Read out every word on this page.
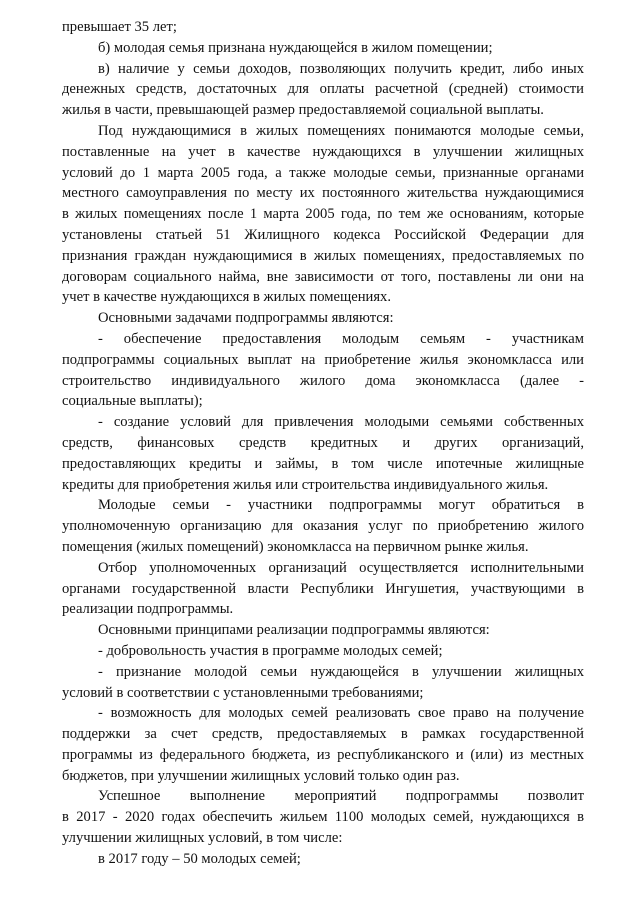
превышает 35 лет;
б) молодая семья признана нуждающейся в жилом помещении;
в) наличие у семьи доходов, позволяющих получить кредит, либо иных
денежных средств, достаточных для оплаты расчетной (средней) стоимости
жилья в части, превышающей размер предоставляемой социальной выплаты.
Под нуждающимися в жилых помещениях понимаются молодые семьи,
поставленные на учет в качестве нуждающихся в улучшении жилищных
условий до 1 марта 2005 года, а также молодые семьи, признанные органами
местного самоуправления по месту их постоянного жительства нуждающимися
в жилых помещениях после 1 марта 2005 года, по тем же основаниям, которые
установлены статьей 51 Жилищного кодекса Российской Федерации для
признания граждан нуждающимися в жилых помещениях, предоставляемых по
договорам социального найма, вне зависимости от того, поставлены ли они на
учет в качестве нуждающихся в жилых помещениях.
Основными задачами подпрограммы являются:
- обеспечение предоставления молодым семьям - участникам
подпрограммы социальных выплат на приобретение жилья экономкласса или
строительство индивидуального жилого дома экономкласса (далее -
социальные выплаты);
- создание условий для привлечения молодыми семьями собственных
средств, финансовых средств кредитных и других организаций,
предоставляющих кредиты и займы, в том числе ипотечные жилищные
кредиты для приобретения жилья или строительства индивидуального жилья.
Молодые семьи - участники подпрограммы могут обратиться в
уполномоченную организацию для оказания услуг по приобретению жилого
помещения (жилых помещений) экономкласса на первичном рынке жилья.
Отбор уполномоченных организаций осуществляется исполнительными
органами государственной власти Республики Ингушетия, участвующими в
реализации подпрограммы.
Основными принципами реализации подпрограммы являются:
- добровольность участия в программе молодых семей;
- признание молодой семьи нуждающейся в улучшении жилищных
условий в соответствии с установленными требованиями;
- возможность для молодых семей реализовать свое право на получение
поддержки за счет средств, предоставляемых в рамках государственной
программы из федерального бюджета, из республиканского и (или) из местных
бюджетов, при улучшении жилищных условий только один раз.
Успешное выполнение мероприятий подпрограммы позволит
в 2017 - 2020 годах обеспечить жильем 1100 молодых семей, нуждающихся в
улучшении жилищных условий, в том числе:
в 2017 году – 50 молодых семей;
